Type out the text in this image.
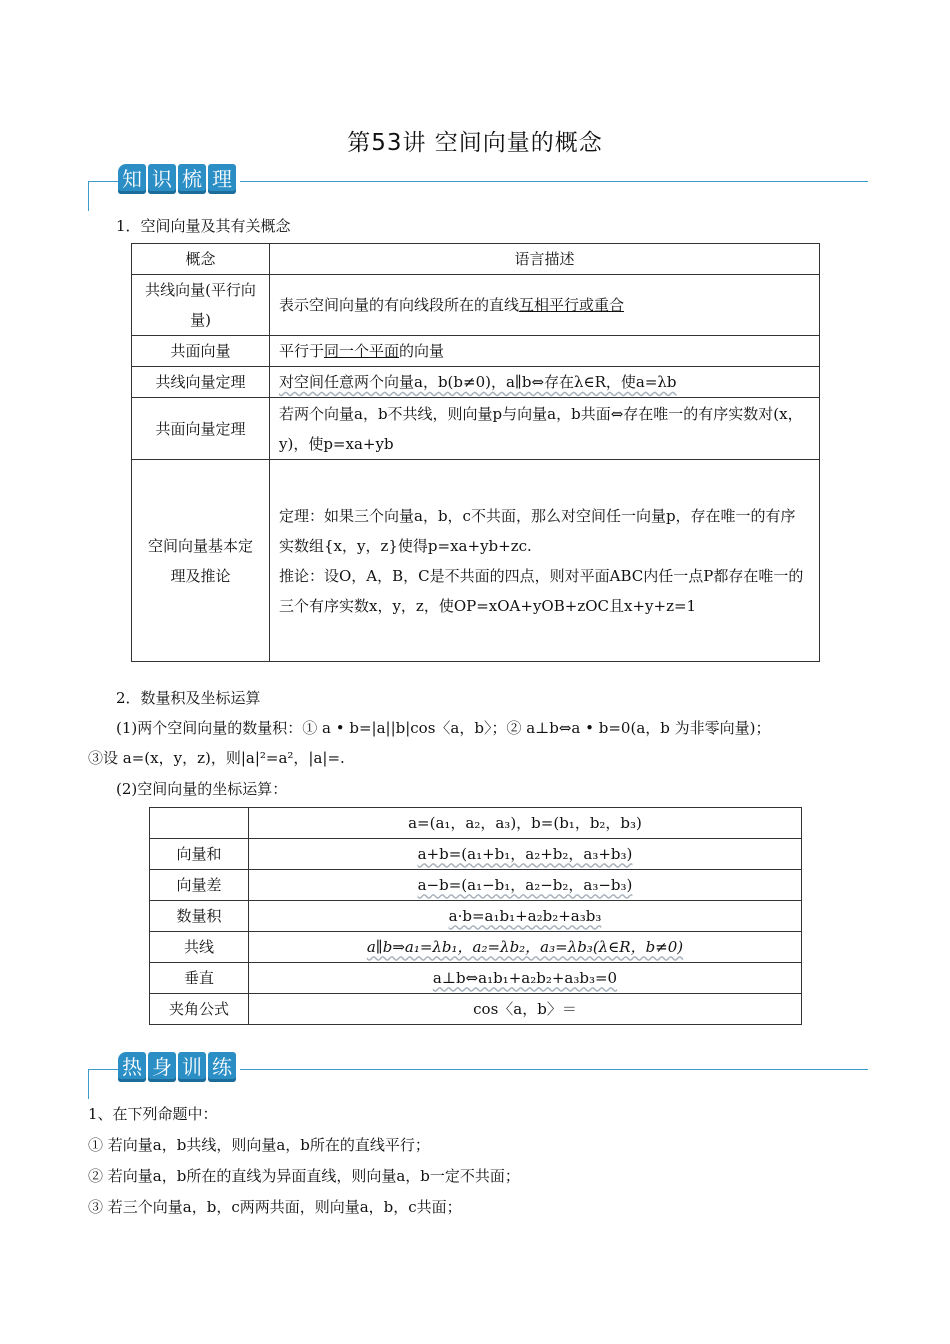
第53讲 空间向量的概念
知 识 梳 理
1．空间向量及其有关概念
概念	语言描述
共线向量(平行向量)	表示空间向量的有向线段所在的直线互相平行或重合
共面向量	平行于同一个平面的向量
共线向量定理	对空间任意两个向量a，b(b≠0)，a∥b⇔存在λ∈R，使a=λb
共面向量定理	若两个向量a，b不共线，则向量p与向量a，b共面⇔存在唯一的有序实数对(x，y)，使p=xa+yb
空间向量基本定理及推论	定理：如果三个向量a，b，c不共面，那么对空间任一向量p，存在唯一的有序实数组{x，y，z}使得p=xa+yb+zc.
推论：设O，A，B，C是不共面的四点，则对平面ABC内任一点P都存在唯一的三个有序实数x，y，z，使OP=xOA+yOB+zOC且x+y+z=1
2．数量积及坐标运算
(1)两个空间向量的数量积：① a • b=|a||b|cos〈a，b〉；② a⊥b⇔a • b=0(a，b 为非零向量)；
③设 a=(x，y，z)，则|a|²=a²，|a|=.
(2)空间向量的坐标运算：
	a=(a₁，a₂，a₃)，b=(b₁，b₂，b₃)
向量和	a+b=(a₁+b₁，a₂+b₂，a₃+b₃)
向量差	a−b=(a₁−b₁，a₂−b₂，a₃−b₃)
数量积	a·b=a₁b₁+a₂b₂+a₃b₃
共线	a∥b⇒a₁=λb₁，a₂=λb₂，a₃=λb₃(λ∈R，b≠0)
垂直	a⊥b⇔a₁b₁+a₂b₂+a₃b₃=0
夹角公式	cos〈a，b〉＝
热 身 训 练
1、在下列命题中：
① 若向量a，b共线，则向量a，b所在的直线平行；
② 若向量a，b所在的直线为异面直线，则向量a，b一定不共面；
③ 若三个向量a，b，c两两共面，则向量a，b，c共面；
